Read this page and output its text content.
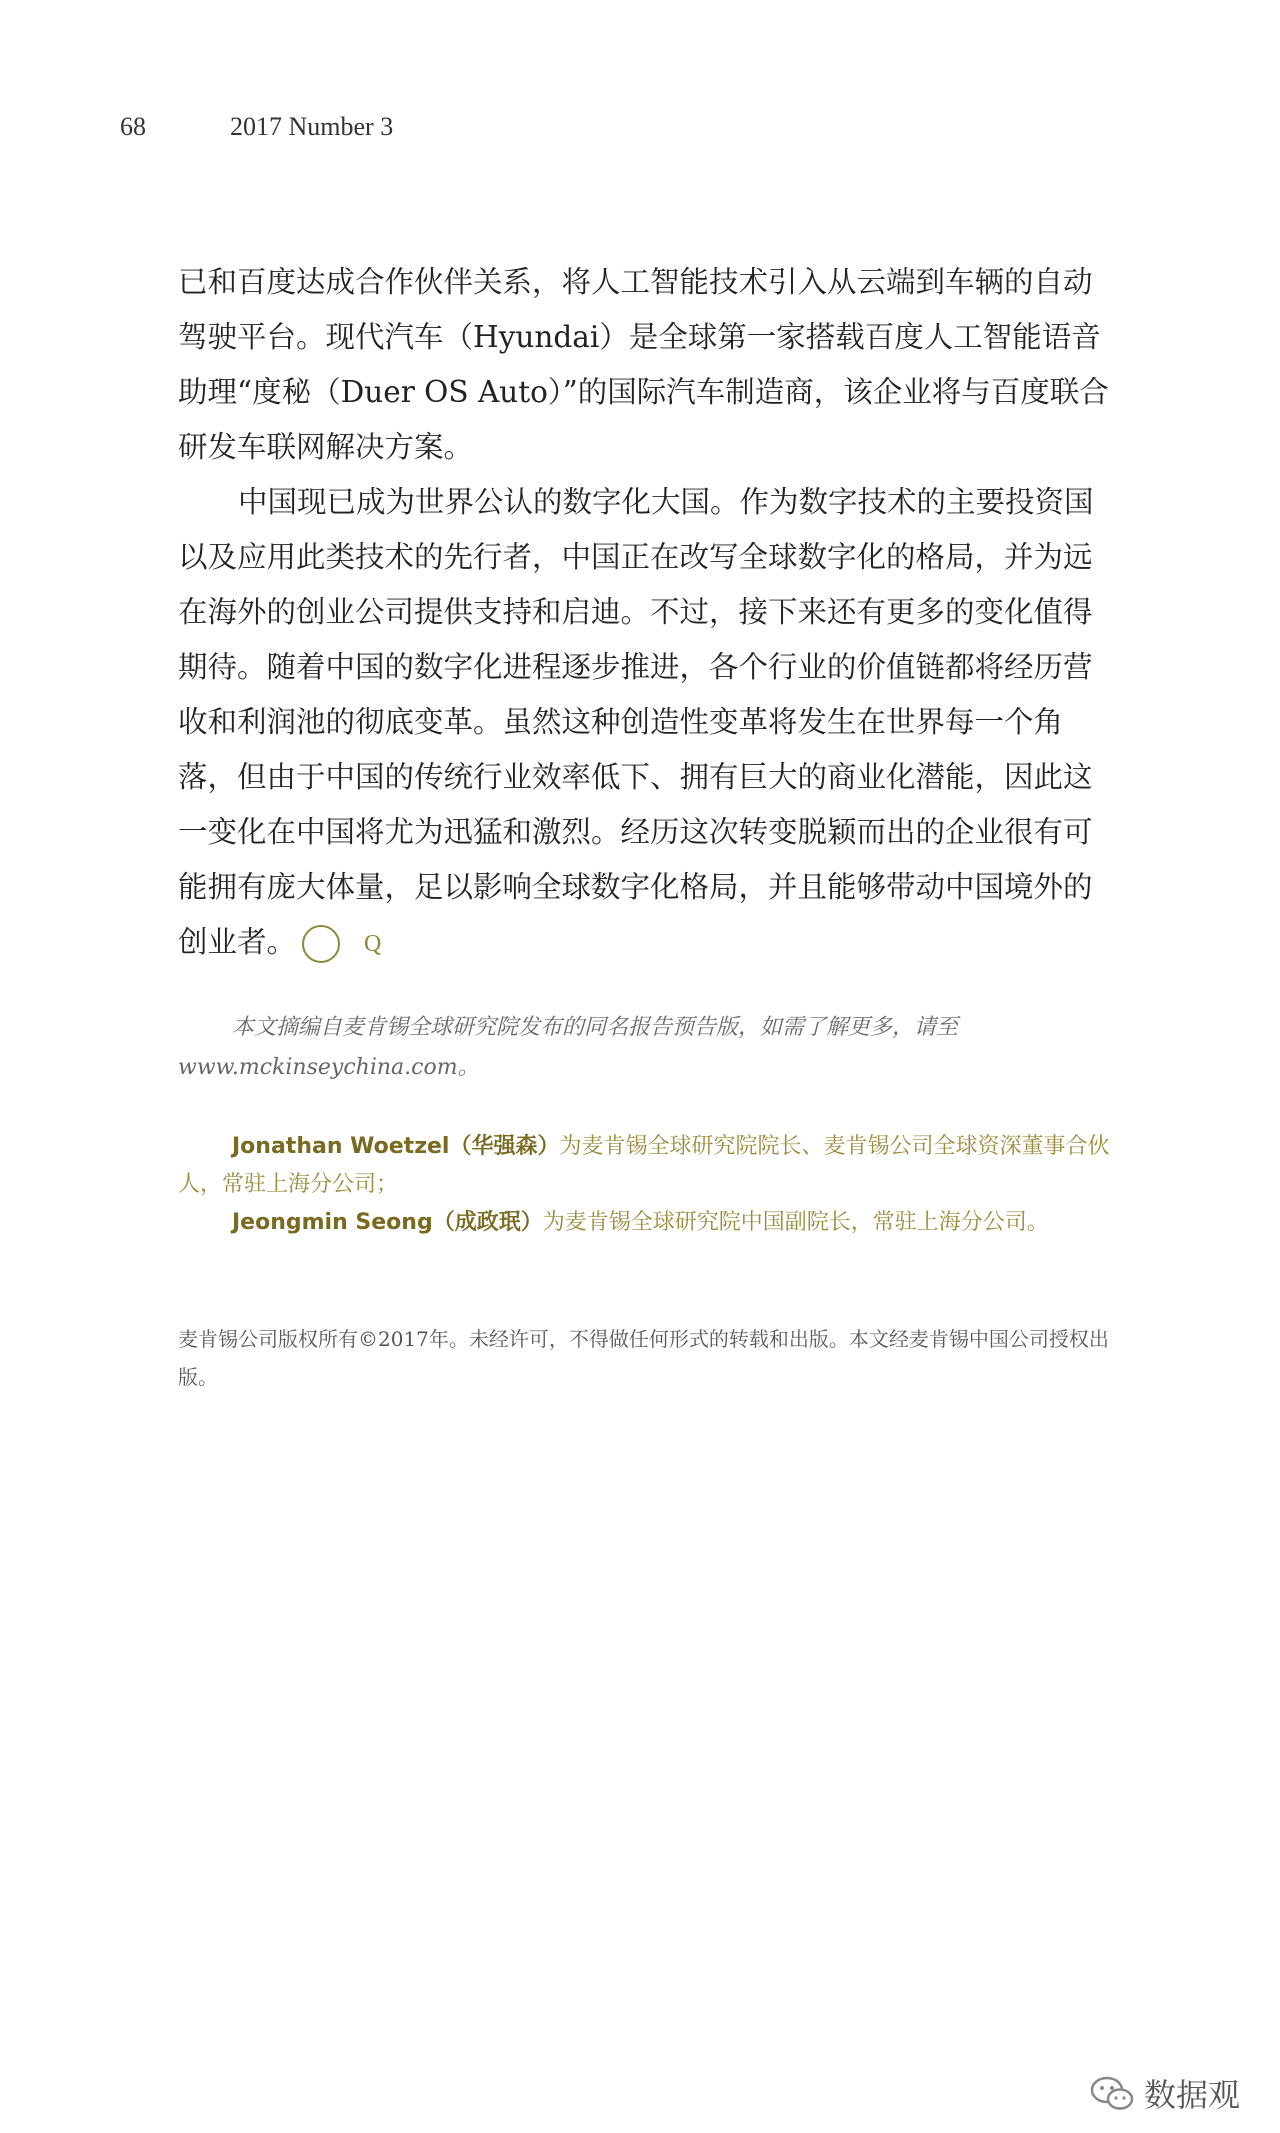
68	2017 Number 3

已和百度达成合作伙伴关系，将人工智能技术引入从云端到车辆的自动驾驶平台。现代汽车（Hyundai）是全球第一家搭载百度人工智能语音助理“度秘（Duer OS Auto）”的国际汽车制造商，该企业将与百度联合研发车联网解决方案。

中国现已成为世界公认的数字化大国。作为数字技术的主要投资国以及应用此类技术的先行者，中国正在改写全球数字化的格局，并为远在海外的创业公司提供支持和启迪。不过，接下来还有更多的变化值得期待。随着中国的数字化进程逐步推进，各个行业的价值链都将经历营收和利润池的彻底变革。虽然这种创造性变革将发生在世界每一个角落，但由于中国的传统行业效率低下、拥有巨大的商业化潜能，因此这一变化在中国将尤为迅猛和激烈。经历这次转变脱颖而出的企业很有可能拥有庞大体量，足以影响全球数字化格局，并且能够带动中国境外的创业者。	Q

本文摘编自麦肯锡全球研究院发布的同名报告预告版，如需了解更多，请至www.mckinseychina.com。
Jonathan Woetzel（华强森）为麦肯锡全球研究院院长、麦肯锡公司全球资深董事合伙人，常驻上海分公司；
Jeongmin Seong（成政珉）为麦肯锡全球研究院中国副院长，常驻上海分公司。
麦肯锡公司版权所有©2017年。未经许可，不得做任何形式的转载和出版。本文经麦肯锡中国公司授权出版。
数据观
